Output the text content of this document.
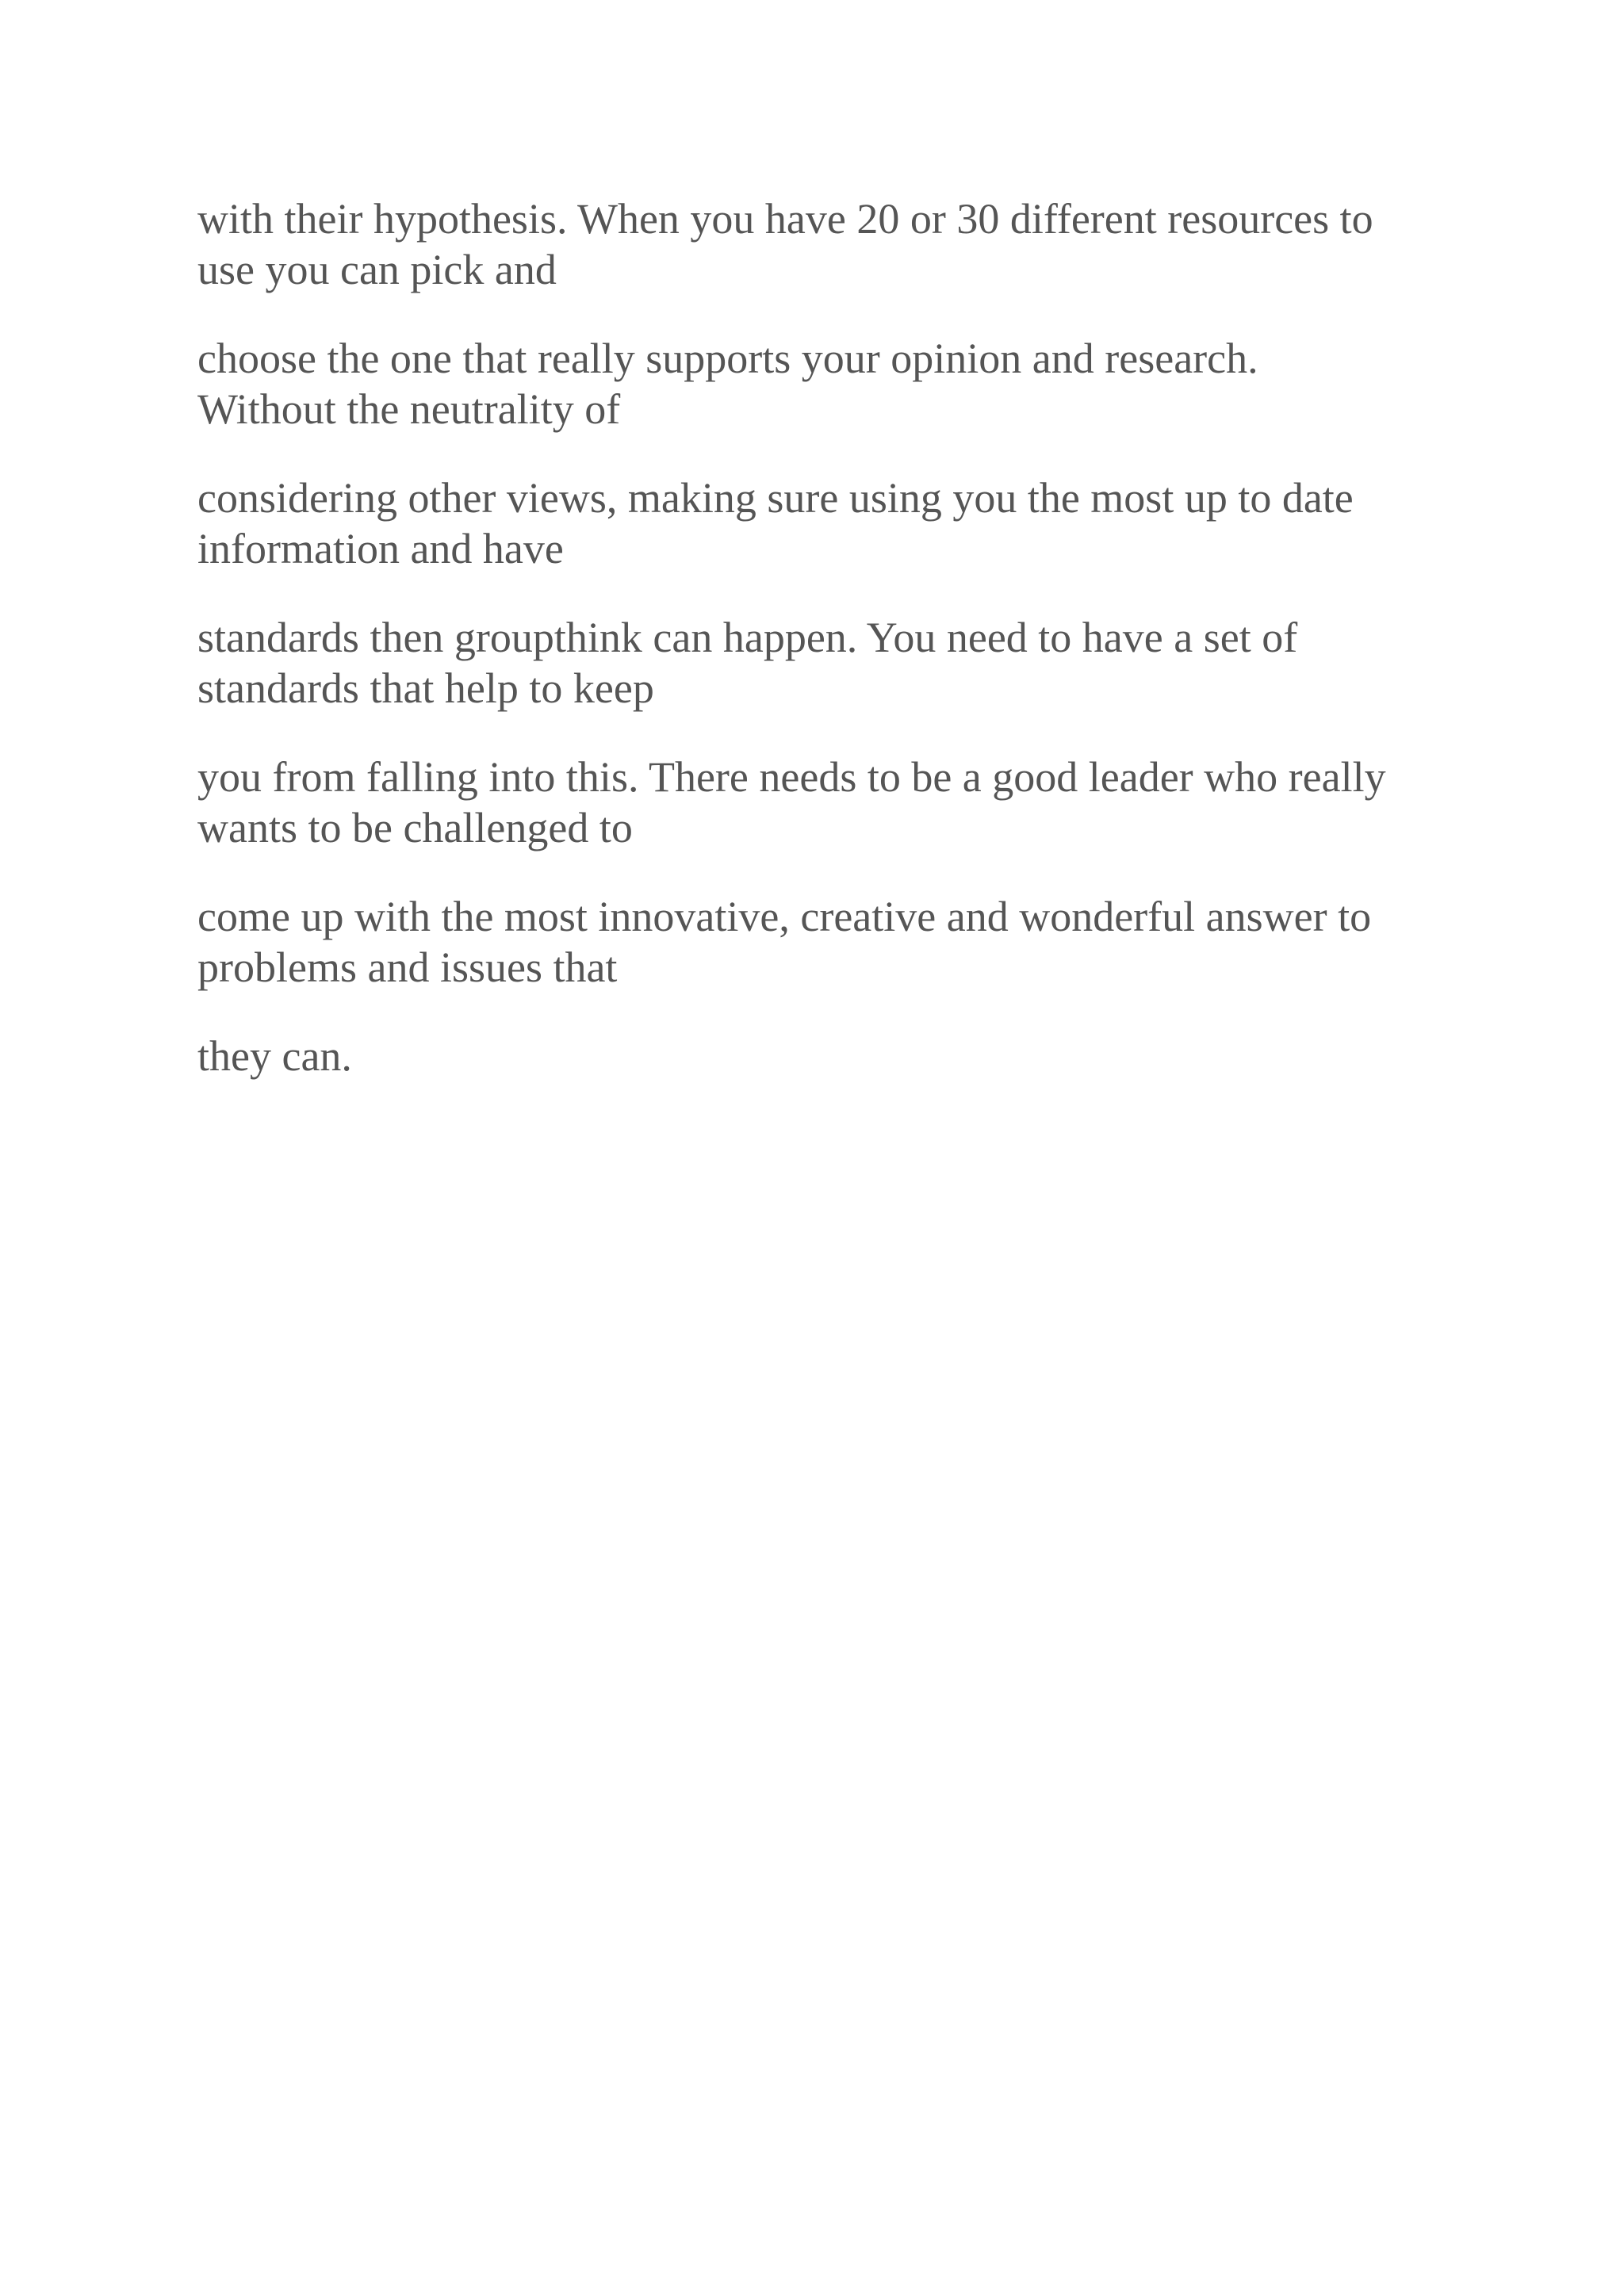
with their hypothesis. When you have 20 or 30 different resources to
use you can pick and

choose the one that really supports your opinion and research.
Without the neutrality of

considering other views, making sure using you the most up to date
information and have

standards then groupthink can happen. You need to have a set of
standards that help to keep

you from falling into this. There needs to be a good leader who really
wants to be challenged to

come up with the most innovative, creative and wonderful answer to
problems and issues that

they can.
